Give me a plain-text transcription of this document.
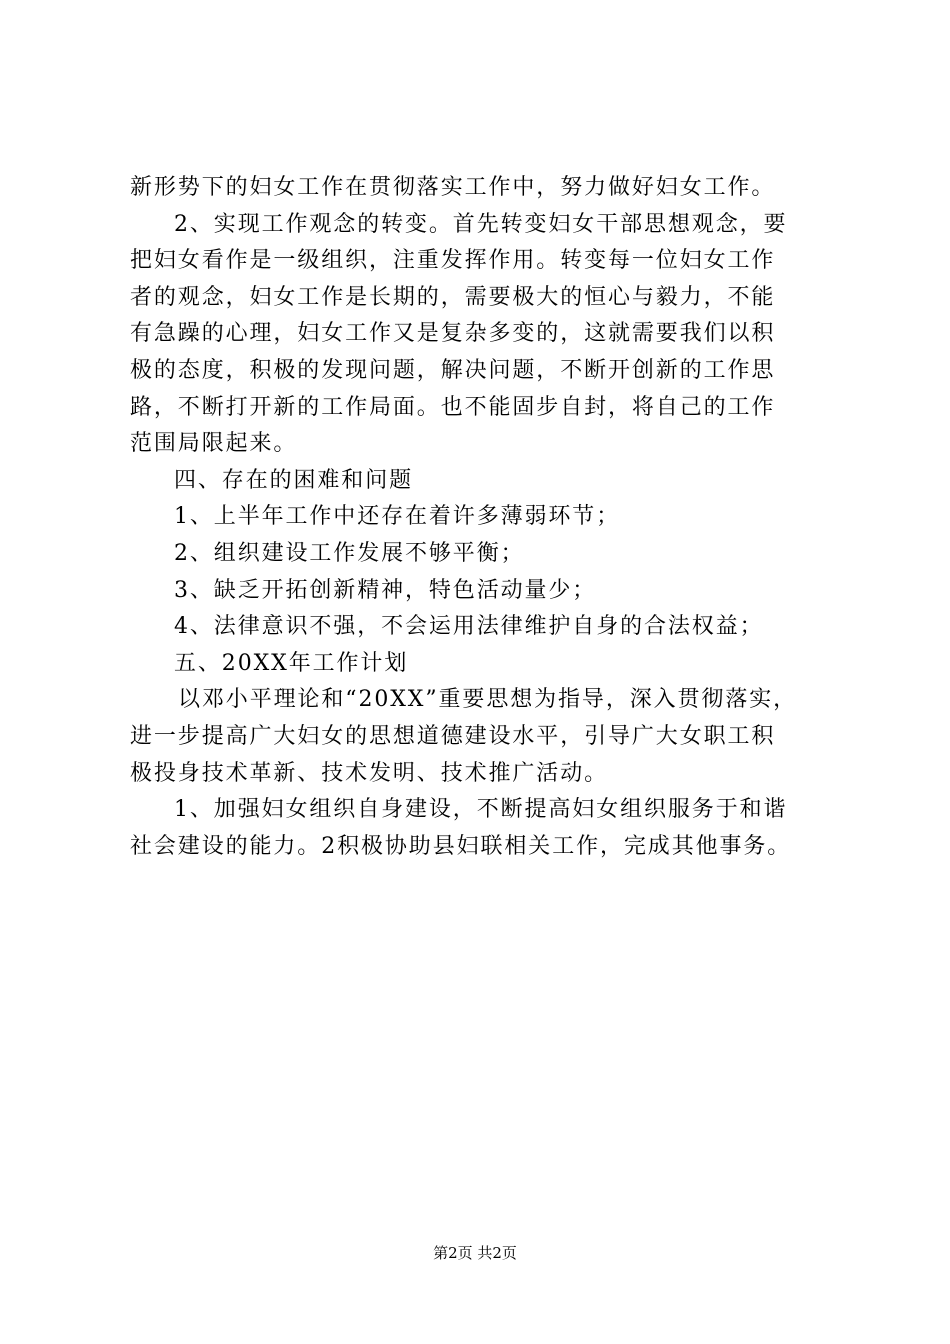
新形势下的妇女工作在贯彻落实工作中，努力做好妇女工作。
2、实现工作观念的转变。首先转变妇女干部思想观念，要
把妇女看作是一级组织，注重发挥作用。转变每一位妇女工作
者的观念，妇女工作是长期的，需要极大的恒心与毅力，不能
有急躁的心理，妇女工作又是复杂多变的，这就需要我们以积
极的态度，积极的发现问题，解决问题，不断开创新的工作思
路，不断打开新的工作局面。也不能固步自封，将自己的工作
范围局限起来。
四、存在的困难和问题
1、上半年工作中还存在着许多薄弱环节；
2、组织建设工作发展不够平衡；
3、缺乏开拓创新精神，特色活动量少；
4、法律意识不强，不会运用法律维护自身的合法权益；
五、20XX年工作计划
以邓小平理论和“20XX”重要思想为指导，深入贯彻落实，
进一步提高广大妇女的思想道德建设水平，引导广大女职工积
极投身技术革新、技术发明、技术推广活动。
1、加强妇女组织自身建设，不断提高妇女组织服务于和谐
社会建设的能力。2积极协助县妇联相关工作，完成其他事务。
第2页 共2页
